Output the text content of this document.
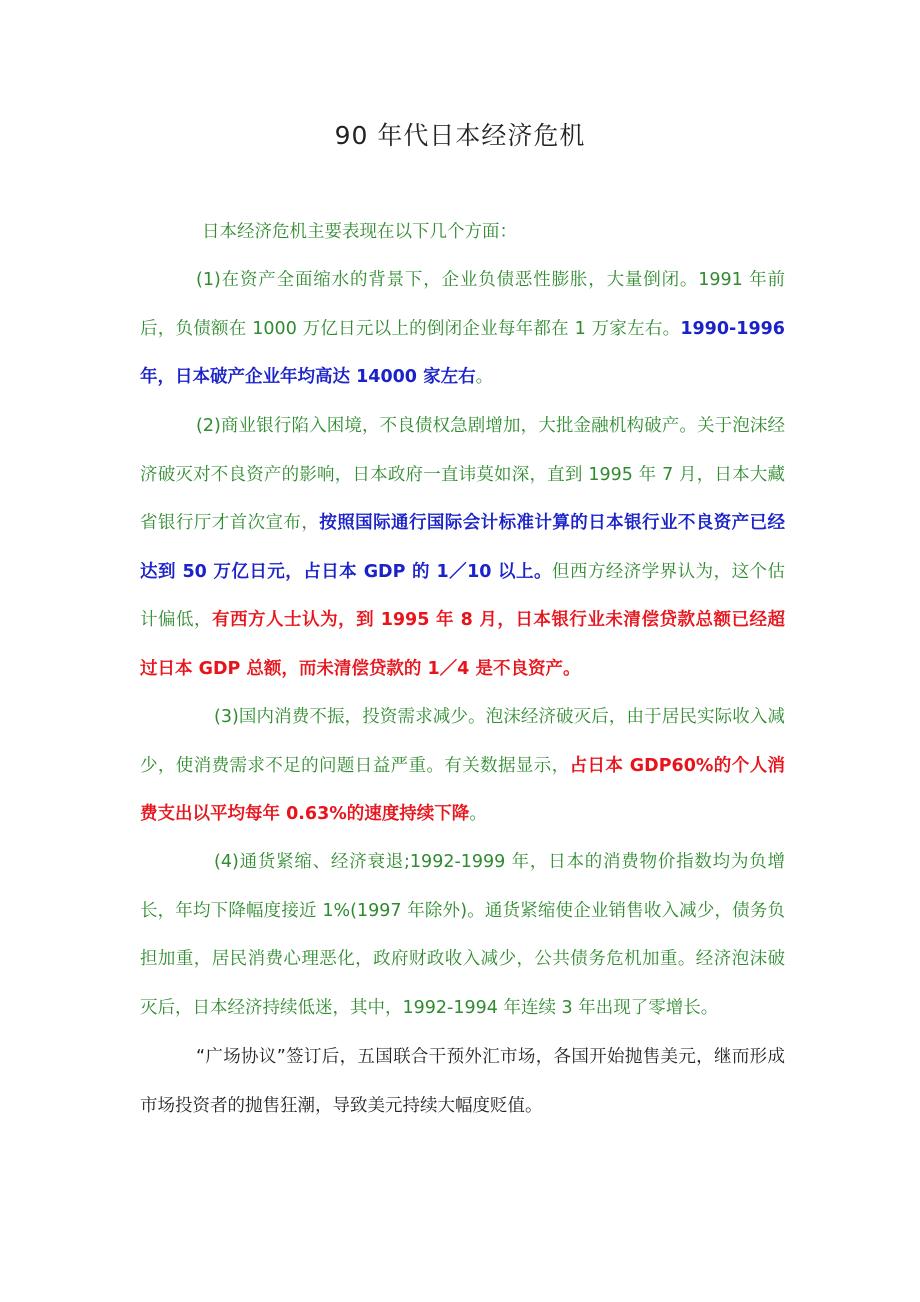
90 年代日本经济危机
日本经济危机主要表现在以下几个方面：
(1)在资产全面缩水的背景下，企业负债恶性膨胀，大量倒闭。1991 年前后，负债额在 1000 万亿日元以上的倒闭企业每年都在 1 万家左右。1990-1996 年，日本破产企业年均高达 14000 家左右。
(2)商业银行陷入困境，不良债权急剧增加，大批金融机构破产。关于泡沫经济破灭对不良资产的影响，日本政府一直讳莫如深，直到 1995 年 7 月，日本大藏省银行厅才首次宣布，按照国际通行国际会计标准计算的日本银行业不良资产已经达到 50 万亿日元，占日本 GDP 的 1／10 以上。但西方经济学界认为，这个估计偏低，有西方人士认为，到 1995 年 8 月，日本银行业未清偿贷款总额已经超过日本 GDP 总额，而未清偿贷款的 1／4 是不良资产。
(3)国内消费不振，投资需求减少。泡沫经济破灭后，由于居民实际收入减少，使消费需求不足的问题日益严重。有关数据显示，占日本 GDP60%的个人消费支出以平均每年 0.63%的速度持续下降。
(4)通货紧缩、经济衰退;1992-1999 年，日本的消费物价指数均为负增长，年均下降幅度接近 1%(1997 年除外)。通货紧缩使企业销售收入减少，债务负担加重，居民消费心理恶化，政府财政收入减少，公共债务危机加重。经济泡沫破灭后，日本经济持续低迷，其中，1992-1994 年连续 3 年出现了零增长。
“广场协议”签订后，五国联合干预外汇市场，各国开始抛售美元，继而形成市场投资者的抛售狂潮，导致美元持续大幅度贬值。
